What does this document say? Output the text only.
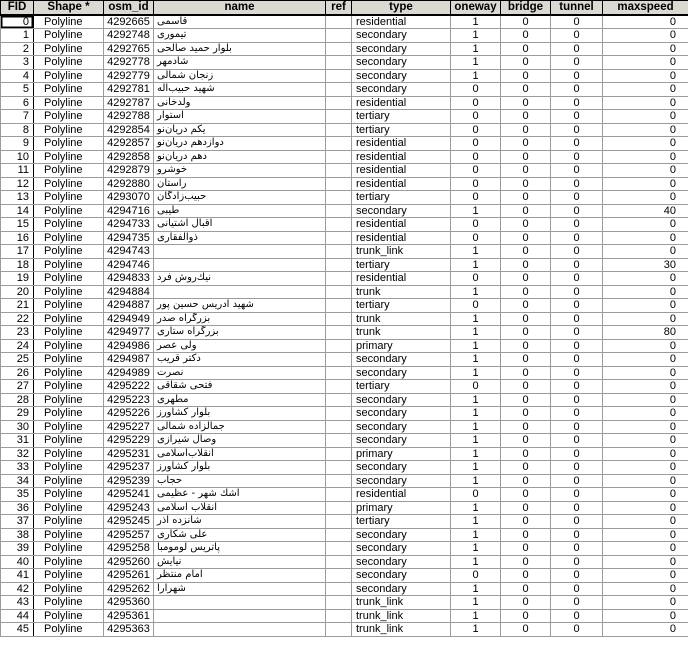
FID	Shape *	osm_id	name	ref	type	oneway	bridge	tunnel	maxspeed
0	Polyline	4292665	قاسمى		residential	1	0	0	0
1	Polyline	4292748	تيمورى		secondary	1	0	0	0
2	Polyline	4292765	بلوار حميد صالحى		secondary	1	0	0	0
3	Polyline	4292778	شادمهر		secondary	1	0	0	0
4	Polyline	4292779	زنجان شمالى		secondary	1	0	0	0
5	Polyline	4292781	شهيد حبيب‌اله		secondary	0	0	0	0
6	Polyline	4292787	ولدخانى		residential	0	0	0	0
7	Polyline	4292788	استوار		tertiary	0	0	0	0
8	Polyline	4292854	يكم دريان‌نو		tertiary	0	0	0	0
9	Polyline	4292857	دوازدهم دريان‌نو		residential	0	0	0	0
10	Polyline	4292858	دهم دريان‌نو		residential	0	0	0	0
11	Polyline	4292879	خوشرو		residential	0	0	0	0
12	Polyline	4292880	راستان		residential	0	0	0	0
13	Polyline	4293070	حبيب‌زادگان		tertiary	0	0	0	0
14	Polyline	4294716	طيبى		secondary	1	0	0	40
15	Polyline	4294733	اقبال آشتيانى		residential	0	0	0	0
16	Polyline	4294735	ذوالفقارى		residential	0	0	0	0
17	Polyline	4294743			trunk_link	1	0	0	0
18	Polyline	4294746			tertiary	1	0	0	30
19	Polyline	4294833	نيك‌روش فرد		residential	0	0	0	0
20	Polyline	4294884			trunk	1	0	0	0
21	Polyline	4294887	شهيد ادريس حسين پور		tertiary	0	0	0	0
22	Polyline	4294949	بزرگراه صدر		trunk	1	0	0	0
23	Polyline	4294977	بزرگراه ستارى		trunk	1	0	0	80
24	Polyline	4294986	ولى عصر		primary	1	0	0	0
25	Polyline	4294987	دكتر قريب		secondary	1	0	0	0
26	Polyline	4294989	نصرت		secondary	1	0	0	0
27	Polyline	4295222	فتحى شقاقى		tertiary	0	0	0	0
28	Polyline	4295223	مطهرى		secondary	1	0	0	0
29	Polyline	4295226	بلوار كشاورز		secondary	1	0	0	0
30	Polyline	4295227	جمالزاده شمالى		secondary	1	0	0	0
31	Polyline	4295229	وصال شيرازى		secondary	1	0	0	0
32	Polyline	4295231	انقلاب‌اسلامى		primary	1	0	0	0
33	Polyline	4295237	بلوار كشاورز		secondary	1	0	0	0
34	Polyline	4295239	حجاب		secondary	1	0	0	0
35	Polyline	4295241	اشك شهر - عظيمى		residential	0	0	0	0
36	Polyline	4295243	انقلاب اسلامى		primary	1	0	0	0
37	Polyline	4295245	شانزده آذر		tertiary	1	0	0	0
38	Polyline	4295257	على شكارى		secondary	1	0	0	0
39	Polyline	4295258	پاتريس لومومبا		secondary	1	0	0	0
40	Polyline	4295260	نيايش		secondary	1	0	0	0
41	Polyline	4295261	امام منتظر		secondary	0	0	0	0
42	Polyline	4295262	شهرارا		secondary	1	0	0	0
43	Polyline	4295360			trunk_link	1	0	0	0
44	Polyline	4295361			trunk_link	1	0	0	0
45	Polyline	4295363			trunk_link	1	0	0	0
